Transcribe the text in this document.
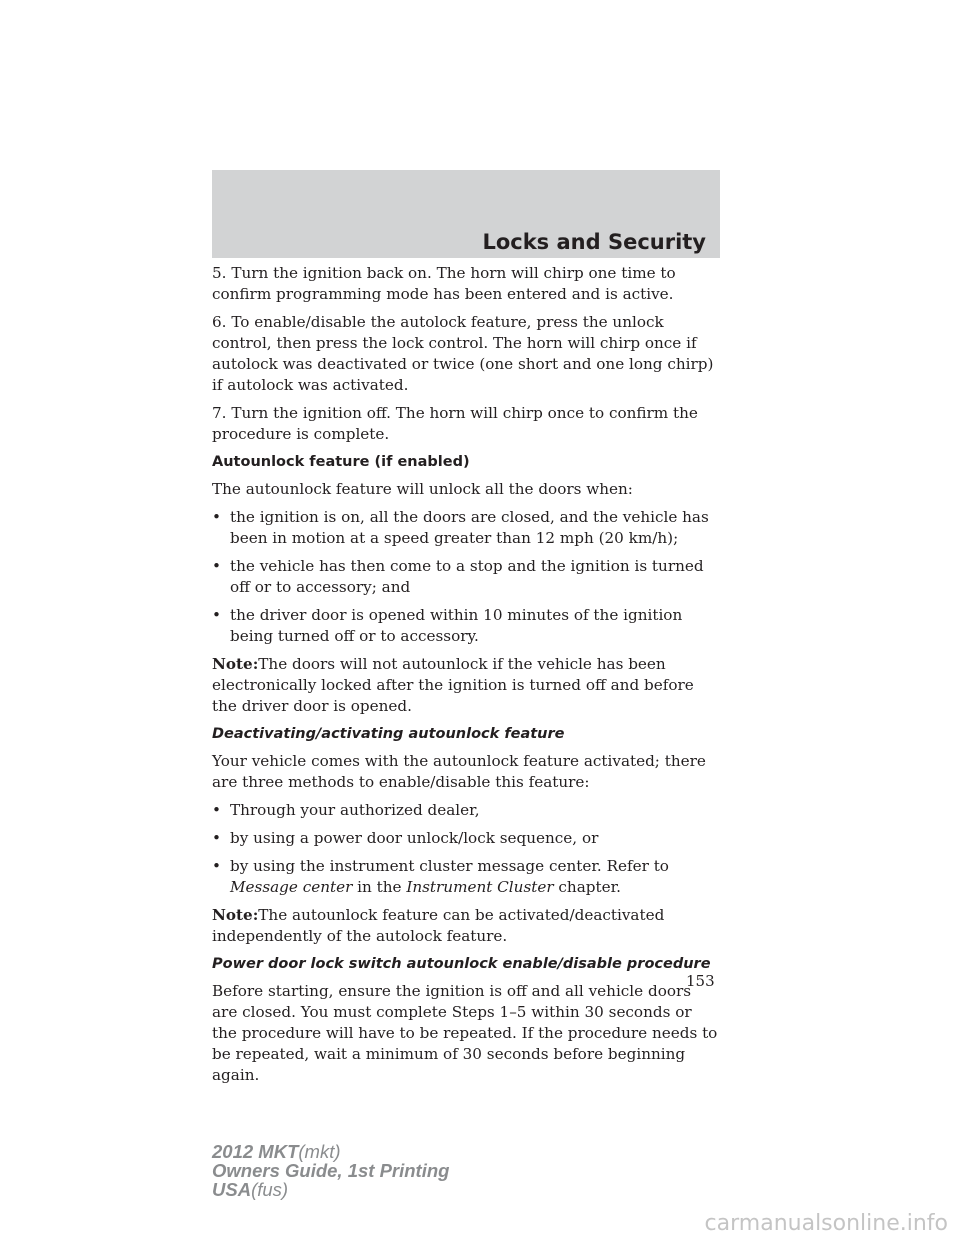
Locks and Security

5. Turn the ignition back on. The horn will chirp one time to confirm programming mode has been entered and is active.

6. To enable/disable the autolock feature, press the unlock control, then press the lock control. The horn will chirp once if autolock was deactivated or twice (one short and one long chirp) if autolock was activated.

7. Turn the ignition off. The horn will chirp once to confirm the procedure is complete.

Autounlock feature (if enabled)

The autounlock feature will unlock all the doors when:

• the ignition is on, all the doors are closed, and the vehicle has been in motion at a speed greater than 12 mph (20 km/h);
• the vehicle has then come to a stop and the ignition is turned off or to accessory; and
• the driver door is opened within 10 minutes of the ignition being turned off or to accessory.

Note:The doors will not autounlock if the vehicle has been electronically locked after the ignition is turned off and before the driver door is opened.

Deactivating/activating autounlock feature

Your vehicle comes with the autounlock feature activated; there are three methods to enable/disable this feature:

• Through your authorized dealer,
• by using a power door unlock/lock sequence, or
• by using the instrument cluster message center. Refer to Message center in the Instrument Cluster chapter.

Note:The autounlock feature can be activated/deactivated independently of the autolock feature.

Power door lock switch autounlock enable/disable procedure

Before starting, ensure the ignition is off and all vehicle doors are closed. You must complete Steps 1–5 within 30 seconds or the procedure will have to be repeated. If the procedure needs to be repeated, wait a minimum of 30 seconds before beginning again.

153
2012 MKT(mkt)
Owners Guide, 1st Printing
USA(fus)
carmanualsonline.info
